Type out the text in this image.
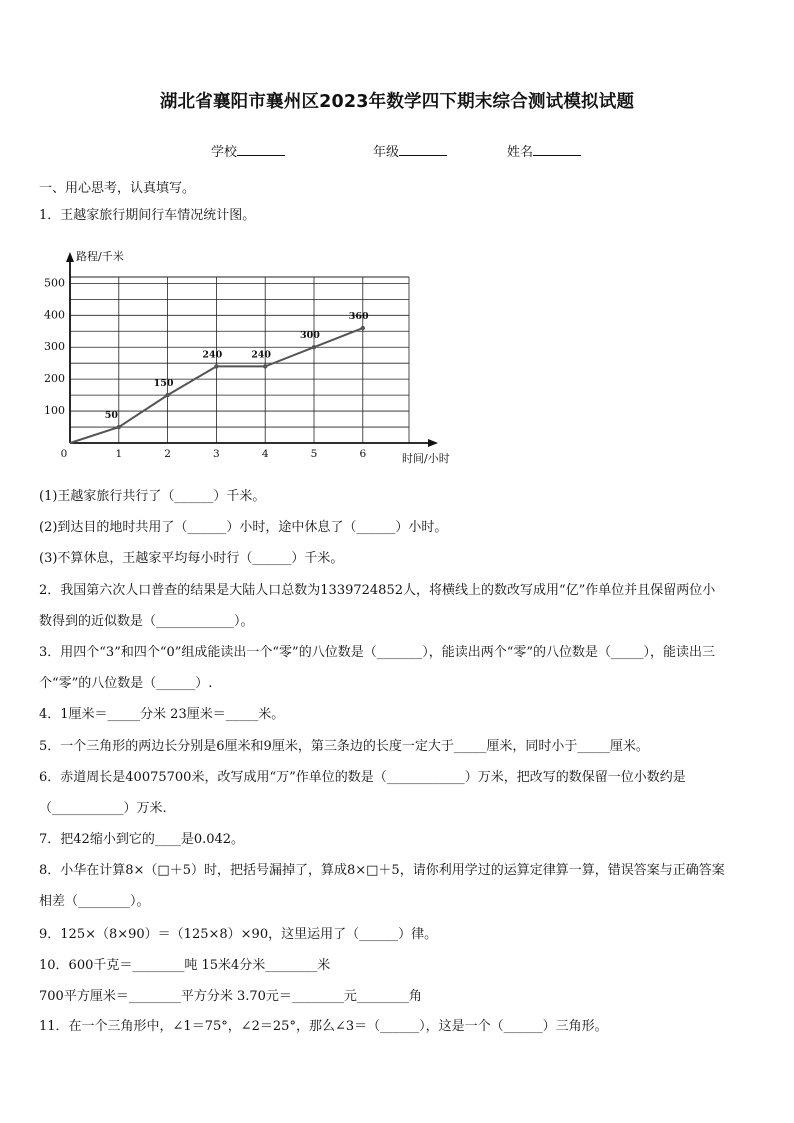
湖北省襄阳市襄州区2023年数学四下期末综合测试模拟试题
学校	年级	姓名
一、用心思考，认真填写。
1．王越家旅行期间行车情况统计图。
100
200
300
400
500
0	1	2	3	4	5	6
路程/千米
时间/小时
50
150
240	240
300
360
(1)王越家旅行共行了（______）千米。
(2)到达目的地时共用了（______）小时，途中休息了（______）小时。
(3)不算休息，王越家平均每小时行（______）千米。
2．我国第六次人口普查的结果是大陆人口总数为1339724852人，将横线上的数改写成用“亿”作单位并且保留两位小
数得到的近似数是（____________）。
3．用四个“3”和四个“0”组成能读出一个“零”的八位数是（_______），能读出两个“零”的八位数是（_____），能读出三
个“零”的八位数是（______）.
4．1厘米＝_____分米 23厘米＝_____米。
5．一个三角形的两边长分别是6厘米和9厘米，第三条边的长度一定大于_____厘米，同时小于_____厘米。
6．赤道周长是40075700米，改写成用“万”作单位的数是（____________）万米，把改写的数保留一位小数约是
（___________）万米.
7．把42缩小到它的____是0.042。
8．小华在计算8×（□＋5）时，把括号漏掉了，算成8×□＋5，请你利用学过的运算定律算一算，错误答案与正确答案
相差（________）。
9．125×（8×90）＝（125×8）×90，这里运用了（______）律。
10．600千克＝________吨 15米4分米________米
700平方厘米＝________平方分米 3.70元＝________元________角
11．在一个三角形中，∠1＝75°，∠2＝25°，那么∠3＝（______），这是一个（______）三角形。
